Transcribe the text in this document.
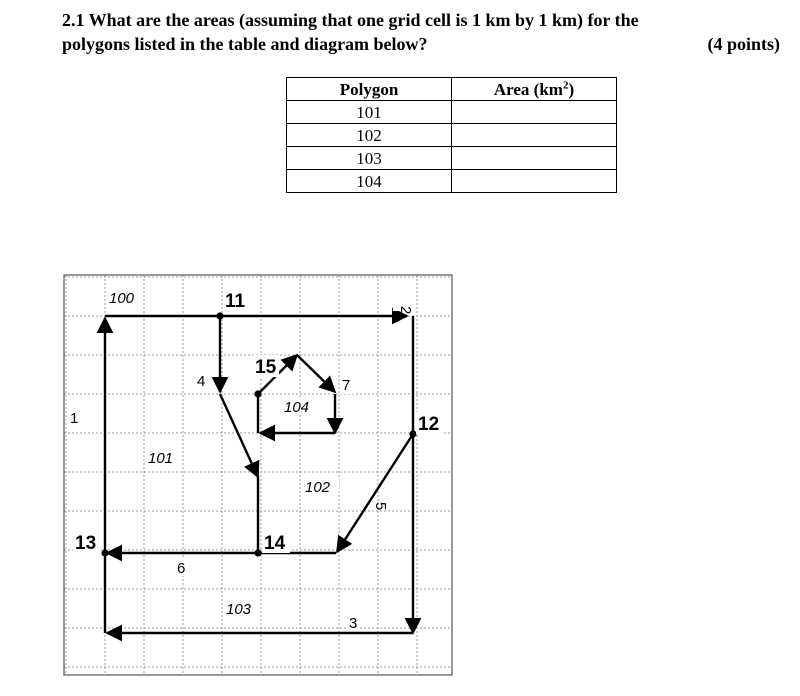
2.1 What are the areas (assuming that one grid cell is 1 km by 1 km) for the
polygons listed in the table and diagram below?	(4 points)
Polygon	Area $(km^2)$
101	
102	
103	
104	
100
101
102
103
104
1
2
3
4
5
6
7
11
12
13	14
15
